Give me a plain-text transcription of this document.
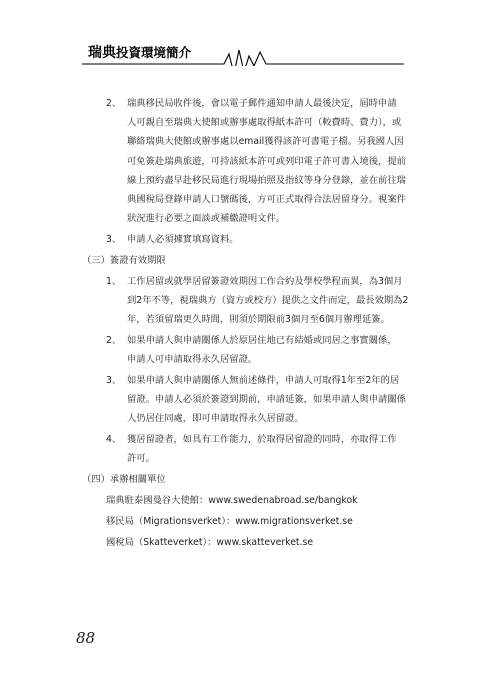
瑞典投資環境簡介
2、 瑞典移民局收件後，會以電子郵件通知申請人最後決定，屆時申請
人可親自至瑞典大使館或辦事處取得紙本許可（較費時、費力），或
聯絡瑞典大使館或辦事處以email獲得該許可書電子檔。另我國人因
可免簽赴瑞典旅遊，可持該紙本許可或列印電子許可書入境後，提前
線上預約盡早赴移民局進行現場拍照及指紋等身分登錄，並在前往瑞
典國稅局登錄申請人口號碼後，方可正式取得合法居留身分。視案件
狀況進行必要之面談或補繳證明文件。
3、 申請人必須據實填寫資料。
（三）簽證有效期限
1、 工作居留或就學居留簽證效期因工作合約及學校學程而異，為3個月
到2年不等，視瑞典方（資方或校方）提供之文件而定，最長效期為2
年，若須留瑞更久時間，則須於期限前3個月至6個月辦理延簽。
2、 如果申請人與申請關係人於原居住地已有結婚或同居之事實關係，
申請人可申請取得永久居留證。
3、 如果申請人與申請關係人無前述條件，申請人可取得1年至2年的居
留證。申請人必須於簽證到期前，申請延簽，如果申請人與申請關係
人仍居住同處，即可申請取得永久居留證。
4、 獲居留證者，如具有工作能力，於取得居留證的同時，亦取得工作
許可。
（四）承辦相關單位
瑞典駐泰國曼谷大使館：www.swedenabroad.se/bangkok
移民局（Migrationsverket）：www.migrationsverket.se
國稅局（Skatteverket）：www.skatteverket.se
88
